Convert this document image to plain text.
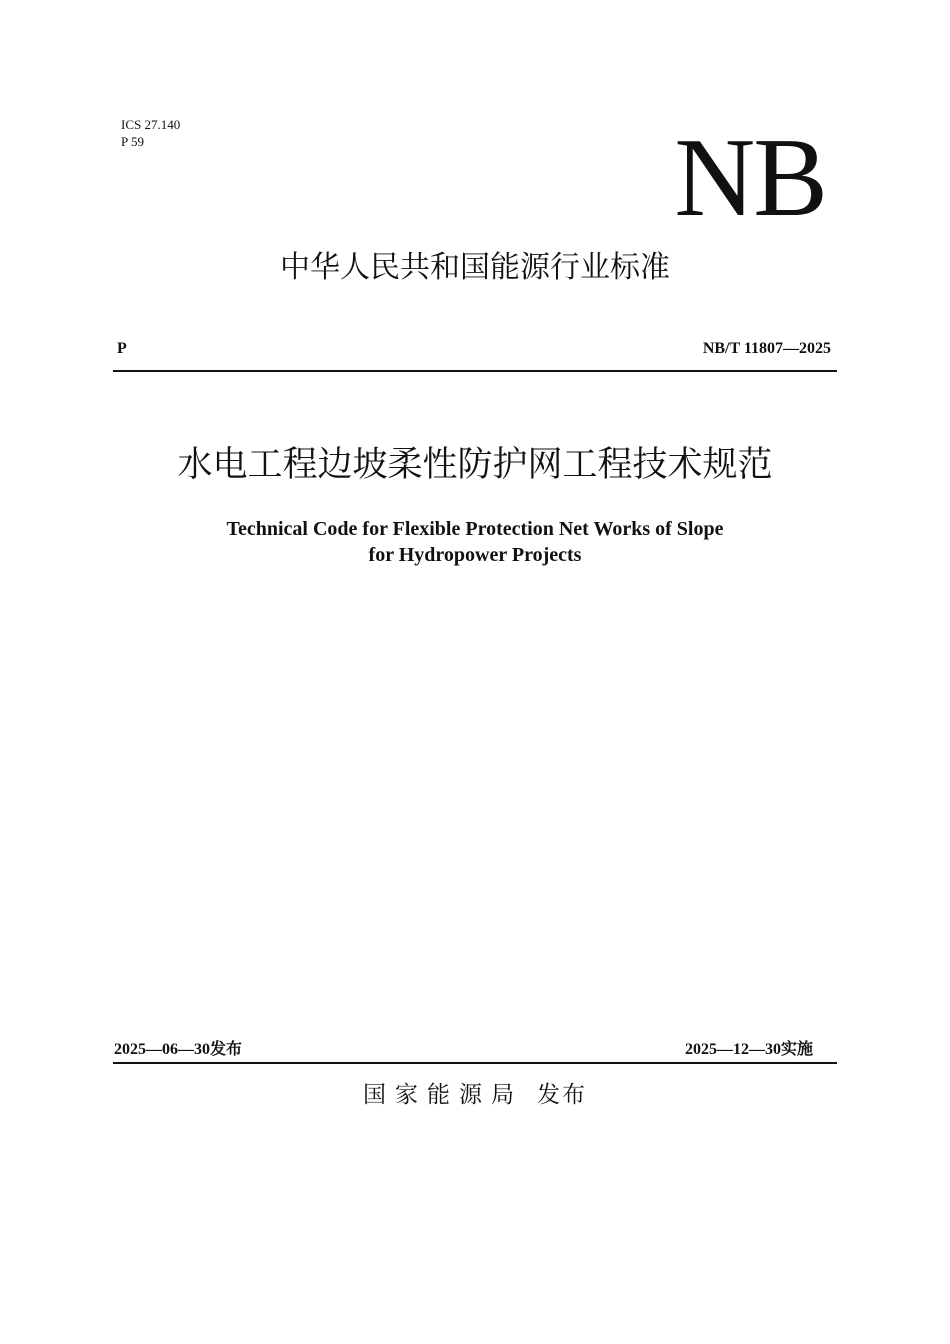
ICS 27.140
P 59	NB
中华人民共和国能源行业标准
P	NB/T 11807—2025
水电工程边坡柔性防护网工程技术规范
Technical Code for Flexible Protection Net Works of Slope
for Hydropower Projects
2025—06—30发布	2025—12—30实施
国家能源局 发布
